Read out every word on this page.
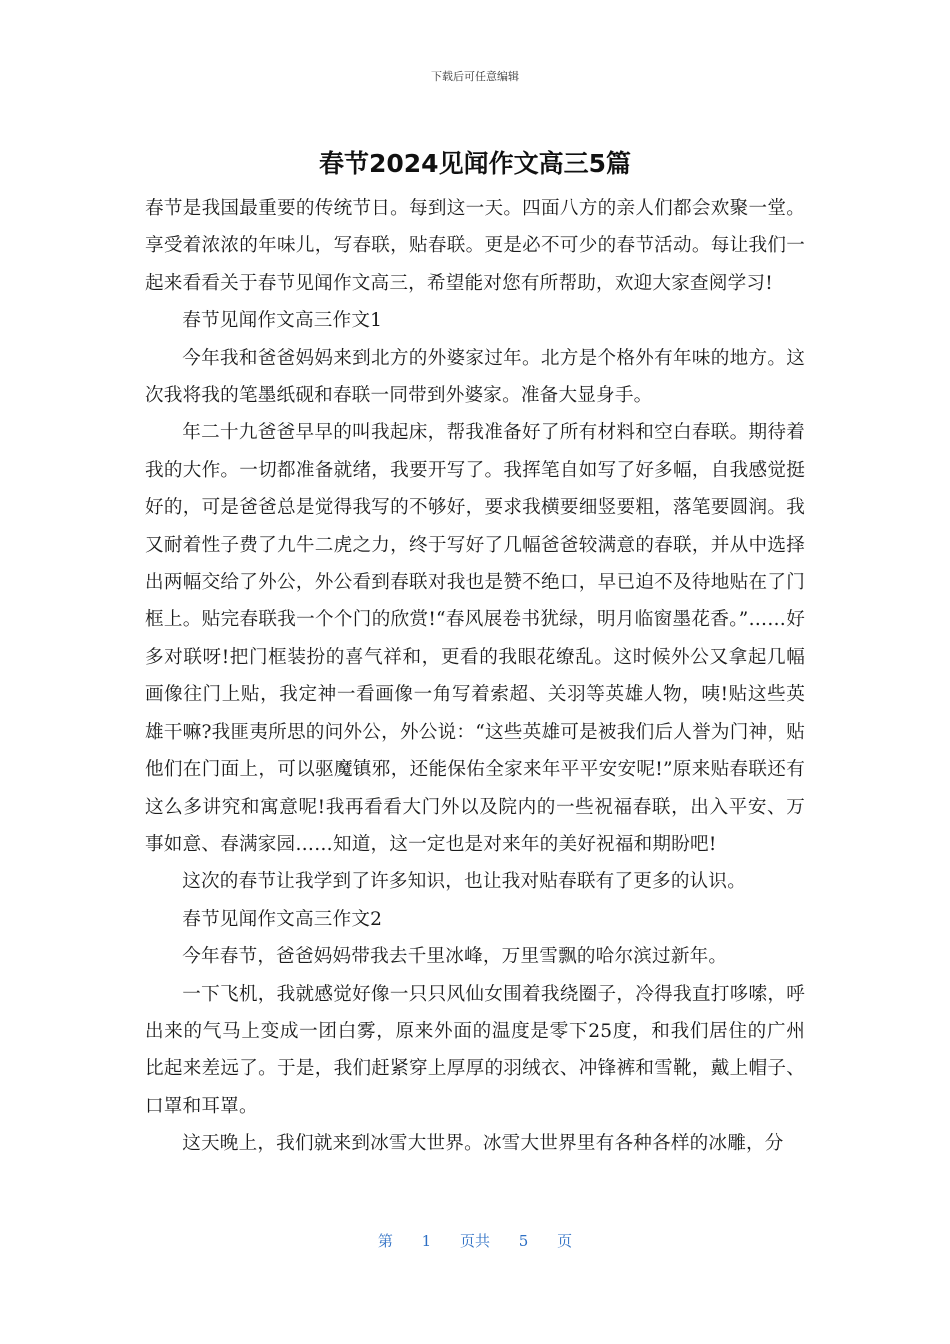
下载后可任意编辑
春节2024见闻作文高三5篇

春节是我国最重要的传统节日。每到这一天。四面八方的亲人们都会欢聚一堂。享受着浓浓的年味儿，写春联，贴春联。更是必不可少的春节活动。每让我们一起来看看关于春节见闻作文高三，希望能对您有所帮助，欢迎大家查阅学习!

春节见闻作文高三作文1

今年我和爸爸妈妈来到北方的外婆家过年。北方是个格外有年味的地方。这次我将我的笔墨纸砚和春联一同带到外婆家。准备大显身手。

年二十九爸爸早早的叫我起床，帮我准备好了所有材料和空白春联。期待着我的大作。一切都准备就绪，我要开写了。我挥笔自如写了好多幅，自我感觉挺好的，可是爸爸总是觉得我写的不够好，要求我横要细竖要粗，落笔要圆润。我又耐着性子费了九牛二虎之力，终于写好了几幅爸爸较满意的春联，并从中选择出两幅交给了外公，外公看到春联对我也是赞不绝口，早已迫不及待地贴在了门框上。贴完春联我一个个门的欣赏!“春风展卷书犹绿，明月临窗墨花香。”……好多对联呀!把门框装扮的喜气祥和，更看的我眼花缭乱。这时候外公又拿起几幅画像往门上贴，我定神一看画像一角写着索超、关羽等英雄人物，咦!贴这些英雄干嘛?我匪夷所思的问外公，外公说：“这些英雄可是被我们后人誉为门神，贴他们在门面上，可以驱魔镇邪，还能保佑全家来年平平安安呢!”原来贴春联还有这么多讲究和寓意呢!我再看看大门外以及院内的一些祝福春联，出入平安、万事如意、春满家园……知道，这一定也是对来年的美好祝福和期盼吧!

这次的春节让我学到了许多知识，也让我对贴春联有了更多的认识。

春节见闻作文高三作文2

今年春节，爸爸妈妈带我去千里冰峰，万里雪飘的哈尔滨过新年。

一下飞机，我就感觉好像一只只风仙女围着我绕圈子，冷得我直打哆嗦，呼出来的气马上变成一团白雾，原来外面的温度是零下25度，和我们居住的广州比起来差远了。于是，我们赶紧穿上厚厚的羽绒衣、冲锋裤和雪靴，戴上帽子、口罩和耳罩。

这天晚上，我们就来到冰雪大世界。冰雪大世界里有各种各样的冰雕，分

第 1 页共 5 页
